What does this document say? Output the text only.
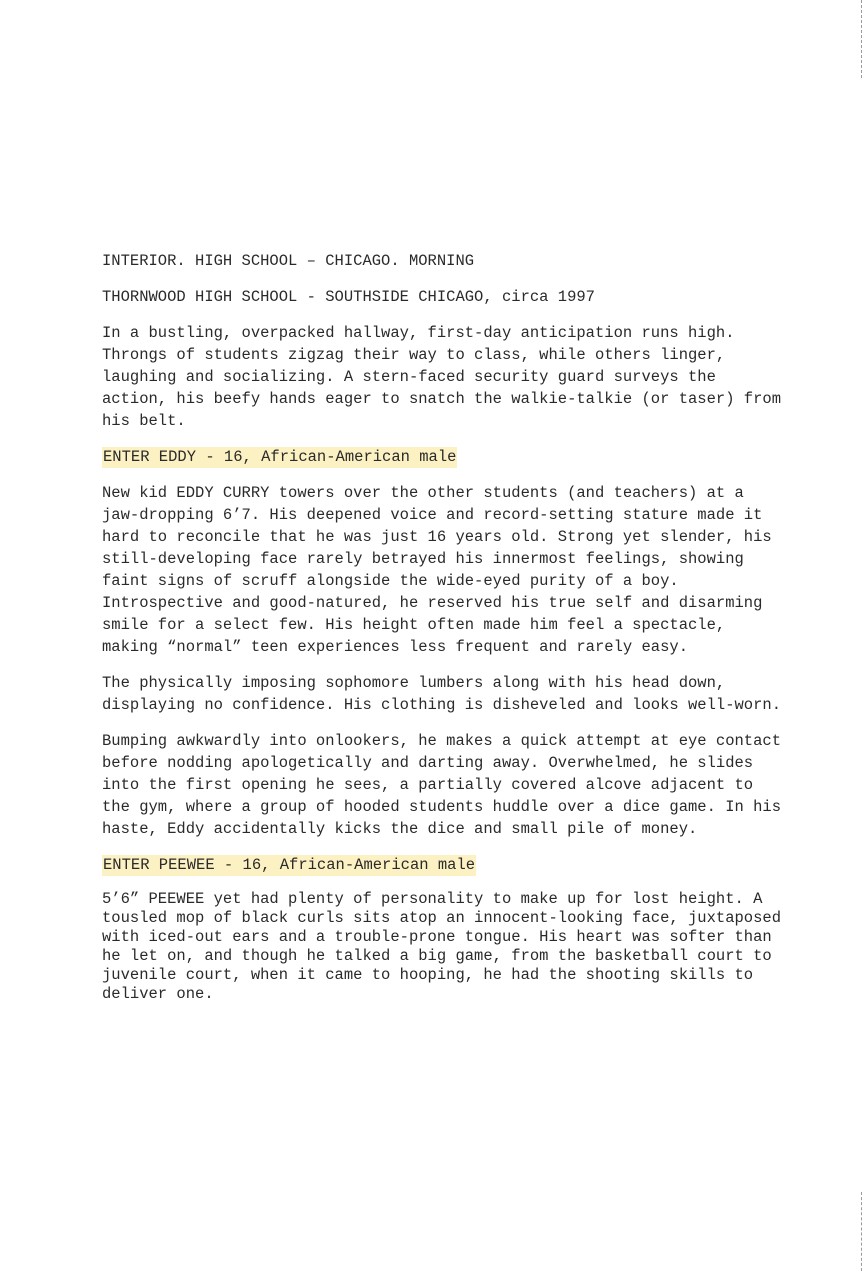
INTERIOR. HIGH SCHOOL – CHICAGO. MORNING

THORNWOOD HIGH SCHOOL - SOUTHSIDE CHICAGO, circa 1997

In a bustling, overpacked hallway, first-day anticipation runs high. Throngs of students zigzag their way to class, while others linger, laughing and socializing. A stern-faced security guard surveys the action, his beefy hands eager to snatch the walkie-talkie (or taser) from his belt.

ENTER EDDY - 16, African-American male

New kid EDDY CURRY towers over the other students (and teachers) at a jaw-dropping 6’7. His deepened voice and record-setting stature made it hard to reconcile that he was just 16 years old. Strong yet slender, his still-developing face rarely betrayed his innermost feelings, showing faint signs of scruff alongside the wide-eyed purity of a boy. Introspective and good-natured, he reserved his true self and disarming smile for a select few. His height often made him feel a spectacle, making “normal” teen experiences less frequent and rarely easy.

The physically imposing sophomore lumbers along with his head down, displaying no confidence. His clothing is disheveled and looks well-worn.

Bumping awkwardly into onlookers, he makes a quick attempt at eye contact before nodding apologetically and darting away. Overwhelmed, he slides into the first opening he sees, a partially covered alcove adjacent to the gym, where a group of hooded students huddle over a dice game. In his haste, Eddy accidentally kicks the dice and small pile of money.

ENTER PEEWEE - 16, African-American male

5’6” PEEWEE yet had plenty of personality to make up for lost height. A tousled mop of black curls sits atop an innocent-looking face, juxtaposed with iced-out ears and a trouble-prone tongue. His heart was softer than he let on, and though he talked a big game, from the basketball court to juvenile court, when it came to hooping, he had the shooting skills to deliver one.
